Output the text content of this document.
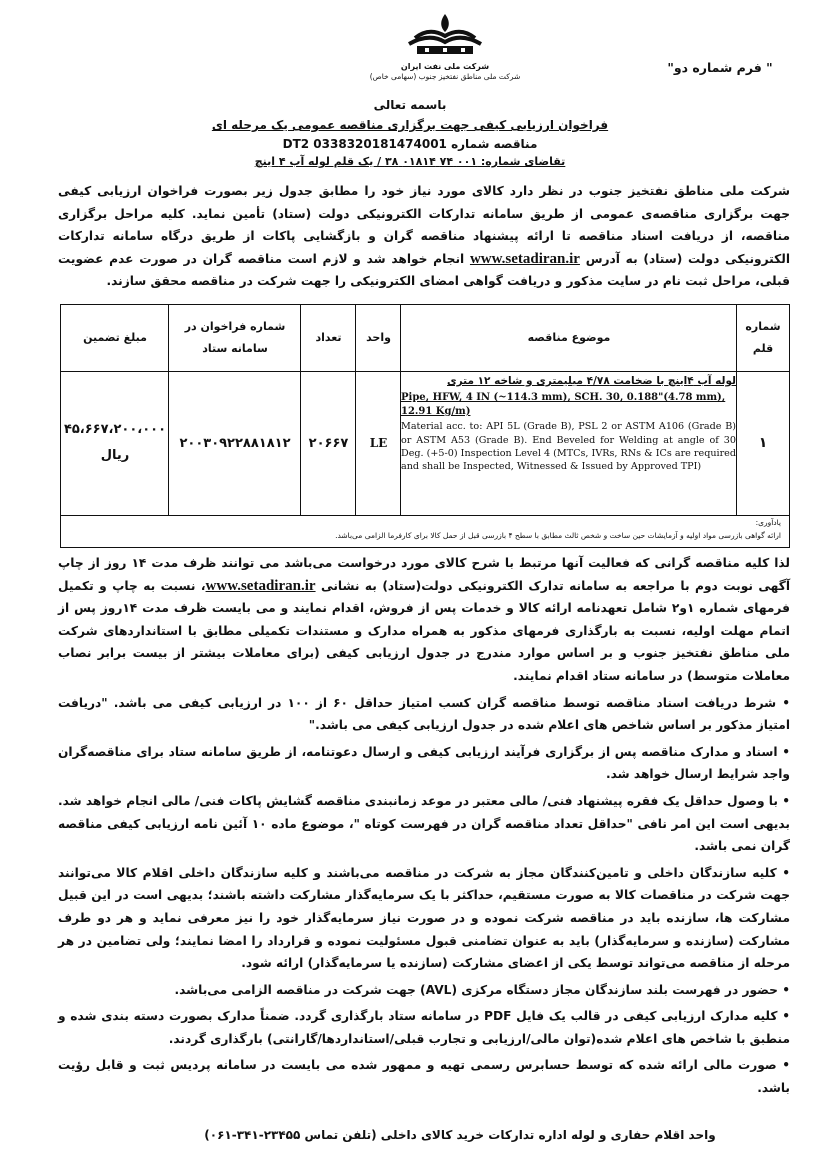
" فرم شماره دو"
شرکت ملی نفت ایران
شرکت ملی مناطق نفتخیز جنوب (سهامی خاص)
باسمه تعالی
فراخوان ارزیابی کیفی جهت برگزاری مناقصه عمومی یک مرحله ای
مناقصه شماره 0338320181474001 DT2
تقاضای شماره: ۰۰۱ ۷۴ ۰۱۸۱۴ ۳۸ / یک قلم لوله آب ۴ اینچ
شرکت ملی مناطق نفتخیز جنوب در نظر دارد کالای مورد نیاز خود را مطابق جدول زیر بصورت فراخوان ارزیابی کیفی جهت برگزاری مناقصه‌ی عمومی از طریق سامانه تدارکات الکترونیکی دولت (ستاد) تأمین نماید. کلیه مراحل برگزاری مناقصه، از دریافت اسناد مناقصه تا ارائه پیشنهاد مناقصه گران و بازگشایی پاکات از طریق درگاه سامانه تدارکات الکترونیکی دولت (ستاد) به آدرس www.setadiran.ir انجام خواهد شد و لازم است مناقصه گران در صورت عدم عضویت قبلی، مراحل ثبت نام در سایت مذکور و دریافت گواهی امضای الکترونیکی را جهت شرکت در مناقصه محقق سازند.
شماره قلم
موضوع مناقصه
واحد
تعداد
شماره فراخوان در سامانه ستاد
مبلغ تضمین
۱
لوله آب ۴اینچ با ضخامت ۴/۷۸ میلیمتری و شاخه ۱۲ متری
Pipe, HFW, 4 IN (~114.3 mm), SCH. 30, 0.188"(4.78 mm), 12.91 Kg/m)
Material acc. to: API 5L (Grade B), PSL 2 or ASTM A106 (Grade B) or ASTM A53 (Grade B). End Beveled for Welding at angle of 30 Deg. (+5-0) Inspection Level 4 (MTCs, IVRs, RNs & ICs are required and shall be Inspected, Witnessed & Issued by Approved TPI)
LE
۲۰۶۶۷
۲۰۰۳۰۹۲۲۸۸۱۸۱۲
۴۵،۶۶۷،۲۰۰،۰۰۰
ریال
یادآوری:
ارائه گواهی بازرسی مواد اولیه و آزمایشات حین ساخت و شخص ثالث مطابق با سطح ۴ بازرسی قبل از حمل کالا برای کارفرما الزامی می‌باشد.

لذا کلیه مناقصه گرانی که فعالیت آنها مرتبط با شرح کالای مورد درخواست می‌باشد می توانند ظرف مدت ۱۴ روز از چاپ آگهی نوبت دوم با مراجعه به سامانه تدارک الکترونیکی دولت(ستاد) به نشانی www.setadiran.ir، نسبت به چاپ و تکمیل فرمهای شماره ۱و۲ شامل تعهدنامه ارائه کالا و خدمات پس از فروش، اقدام نمایند و می بایست ظرف مدت ۱۴روز پس از اتمام مهلت اولیه، نسبت به بارگذاری فرمهای مذکور به همراه مدارک و مستندات تکمیلی مطابق با استانداردهای شرکت ملی مناطق نفتخیز جنوب و بر اساس موارد مندرج در جدول ارزیابی کیفی (برای معاملات بیشتر از بیست برابر نصاب معاملات متوسط) در سامانه ستاد اقدام نمایند.

• شرط دریافت اسناد مناقصه توسط مناقصه گران کسب امتیاز حداقل ۶۰ از ۱۰۰ در ارزیابی کیفی می باشد. "دریافت امتیاز مذکور بر اساس شاخص های اعلام شده در جدول ارزیابی کیفی می باشد."

• اسناد و مدارک مناقصه پس از برگزاری فرآیند ارزیابی کیفی و ارسال دعوتنامه، از طریق سامانه ستاد برای مناقصه‌گران واجد شرایط ارسال خواهد شد.

• با وصول حداقل یک فقره پیشنهاد فنی/ مالی معتبر در موعد زمانبندی مناقصه گشایش پاکات فنی/ مالی انجام خواهد شد. بدیهی است این امر نافی "حداقل تعداد مناقصه گران در فهرست کوتاه "، موضوع ماده ۱۰ آئین نامه ارزیابی کیفی مناقصه گران نمی باشد.

• کلیه سازندگان داخلی و تامین‌کنندگان مجاز به شرکت در مناقصه می‌باشند و کلیه سازندگان داخلی اقلام کالا می‌توانند جهت شرکت در مناقصات کالا به صورت مستقیم، حداکثر با یک سرمایه‌گذار مشارکت داشته باشند؛ بدیهی است در این قبیل مشارکت ها، سازنده باید در مناقصه شرکت نموده و در صورت نیاز سرمایه‌گذار خود را نیز معرفی نماید و هر دو طرف مشارکت (سازنده و سرمایه‌گذار) باید به عنوان تضامنی قبول مسئولیت نموده و قرارداد را امضا نمایند؛ ولی تضامین در هر مرحله از مناقصه می‌تواند توسط یکی از اعضای مشارکت (سازنده یا سرمایه‌گذار) ارائه شود.

• حضور در فهرست بلند سازندگان مجاز دستگاه مرکزی (AVL) جهت شرکت در مناقصه الزامی می‌باشد.

• کلیه مدارک ارزیابی کیفی در قالب یک فایل PDF در سامانه ستاد بارگذاری گردد. ضمناً مدارک بصورت دسته بندی شده و منطبق با شاخص های اعلام شده(توان مالی/ارزیابی و تجارب قبلی/استانداردها/گارانتی) بارگذاری گردند.

• صورت مالی ارائه شده که توسط حسابرس رسمی تهیه و ممهور شده می بایست در سامانه پردیس ثبت و قابل رؤیت باشد.

واحد اقلام حفاری و لوله اداره تدارکات خرید کالای داخلی (تلفن تماس ۲۳۴۵۵-۳۴۱-۰۶۱)
